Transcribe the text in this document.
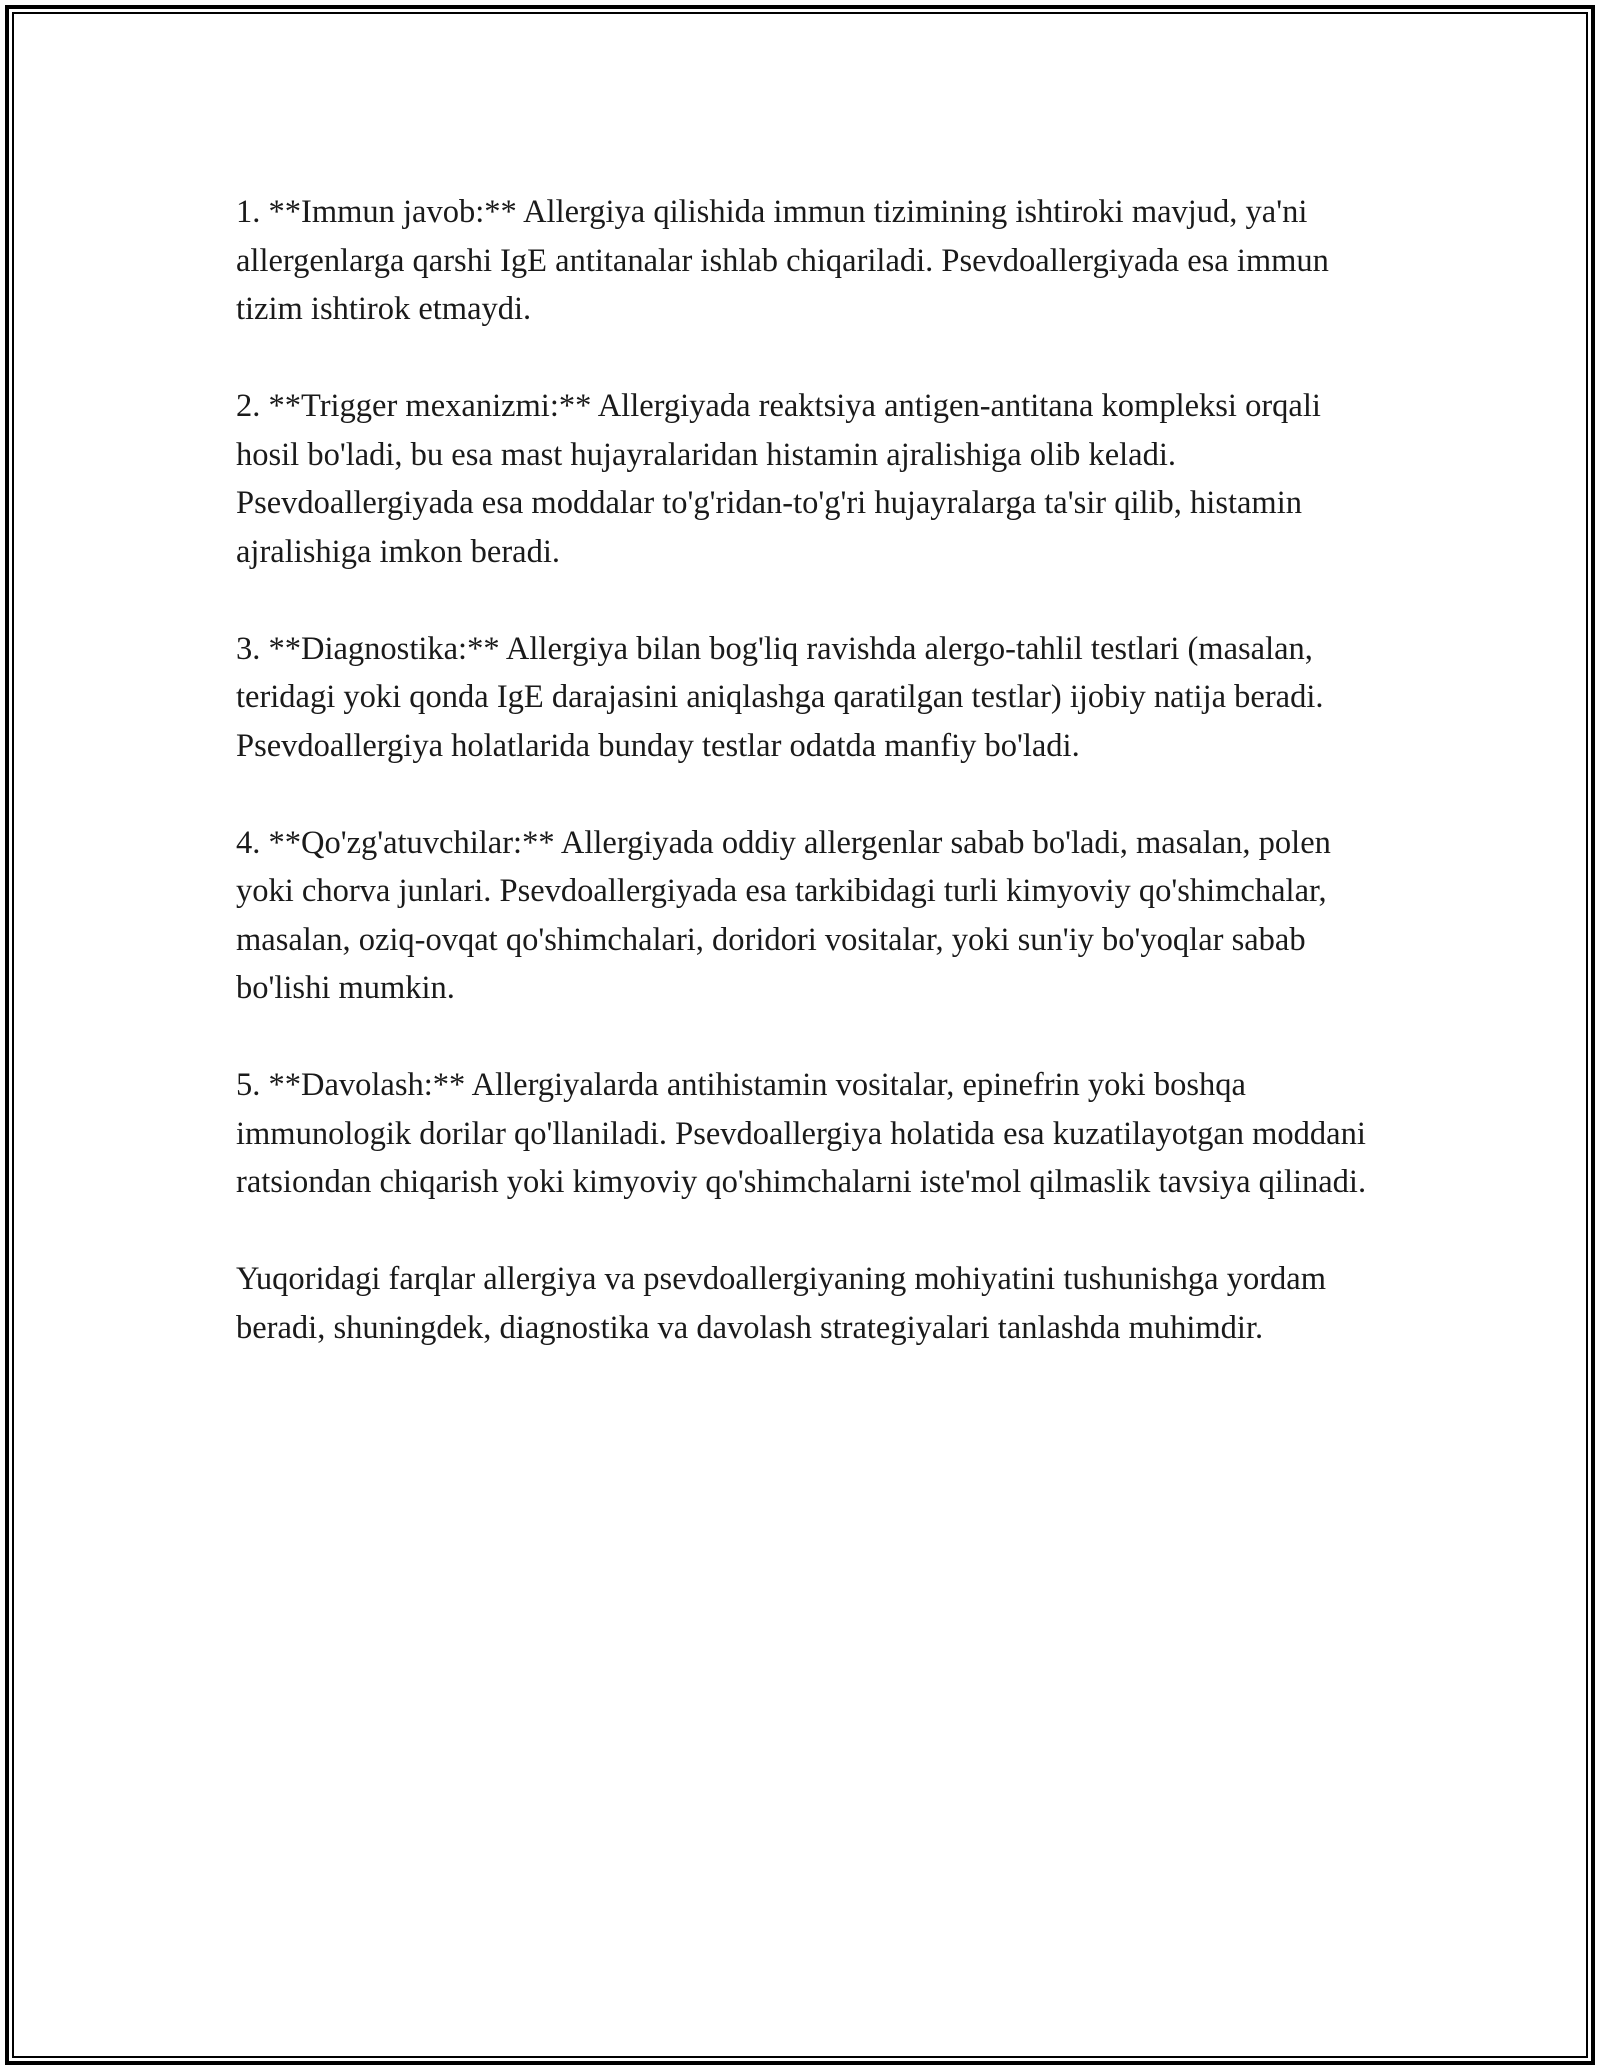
1. **Immun javob:** Allergiya qilishida immun tizimining ishtiroki mavjud, ya'ni allergenlarga qarshi IgE antitanalar ishlab chiqariladi. Psevdoallergiyada esa immun tizim ishtirok etmaydi.

2. **Trigger mexanizmi:** Allergiyada reaktsiya antigen-antitana kompleksi orqali hosil bo'ladi, bu esa mast hujayralaridan histamin ajralishiga olib keladi. Psevdoallergiyada esa moddalar to'g'ridan-to'g'ri hujayralarga ta'sir qilib, histamin ajralishiga imkon beradi.

3. **Diagnostika:** Allergiya bilan bog'liq ravishda alergo-tahlil testlari (masalan, teridagi yoki qonda IgE darajasini aniqlashga qaratilgan testlar) ijobiy natija beradi. Psevdoallergiya holatlarida bunday testlar odatda manfiy bo'ladi.

4. **Qo'zg'atuvchilar:** Allergiyada oddiy allergenlar sabab bo'ladi, masalan, polen yoki chorva junlari. Psevdoallergiyada esa tarkibidagi turli kimyoviy qo'shimchalar, masalan, oziq-ovqat qo'shimchalari, doridori vositalar, yoki sun'iy bo'yoqlar sabab bo'lishi mumkin.

5. **Davolash:** Allergiyalarda antihistamin vositalar, epinefrin yoki boshqa immunologik dorilar qo'llaniladi. Psevdoallergiya holatida esa kuzatilayotgan moddani ratsiondan chiqarish yoki kimyoviy qo'shimchalarni iste'mol qilmaslik tavsiya qilinadi.

Yuqoridagi farqlar allergiya va psevdoallergiyaning mohiyatini tushunishga yordam beradi, shuningdek, diagnostika va davolash strategiyalari tanlashda muhimdir.
